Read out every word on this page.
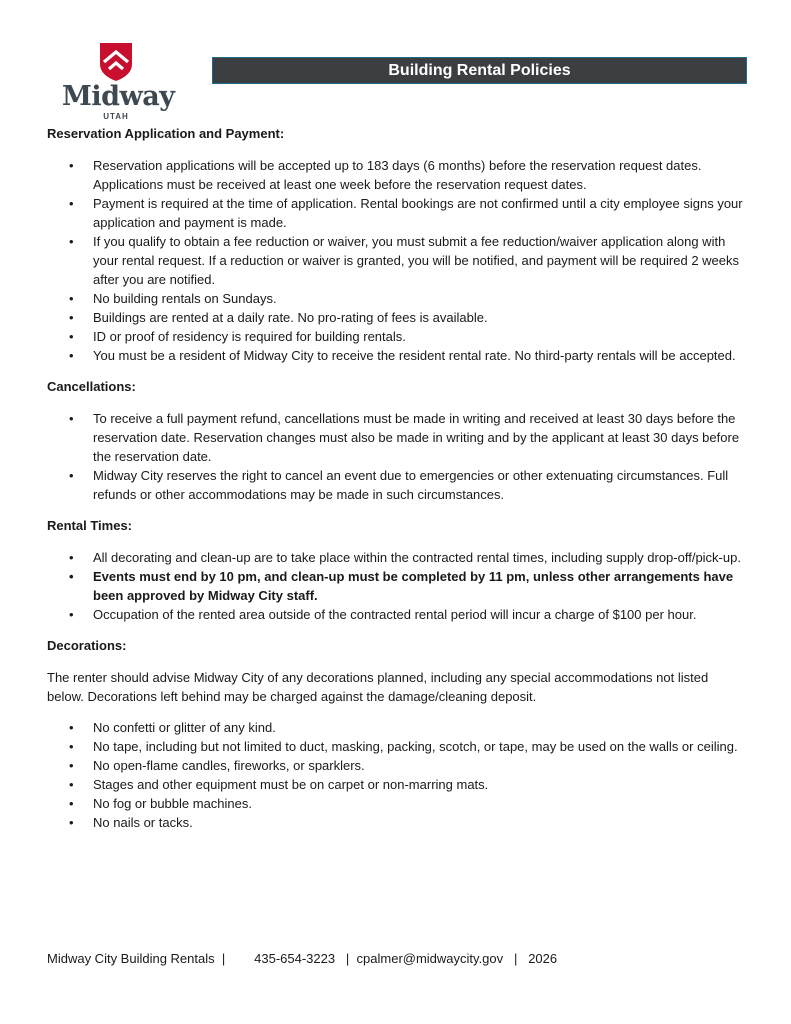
Midway
UTAH
Building Rental Policies
Reservation Application and Payment:
• Reservation applications will be accepted up to 183 days (6 months) before the reservation request dates. Applications must be received at least one week before the reservation request dates.
• Payment is required at the time of application. Rental bookings are not confirmed until a city employee signs your application and payment is made.
• If you qualify to obtain a fee reduction or waiver, you must submit a fee reduction/waiver application along with your rental request. If a reduction or waiver is granted, you will be notified, and payment will be required 2 weeks after you are notified.
• No building rentals on Sundays.
• Buildings are rented at a daily rate. No pro-rating of fees is available.
• ID or proof of residency is required for building rentals.
• You must be a resident of Midway City to receive the resident rental rate. No third-party rentals will be accepted.
Cancellations:
• To receive a full payment refund, cancellations must be made in writing and received at least 30 days before the reservation date. Reservation changes must also be made in writing and by the applicant at least 30 days before the reservation date.
• Midway City reserves the right to cancel an event due to emergencies or other extenuating circumstances. Full refunds or other accommodations may be made in such circumstances.
Rental Times:
• All decorating and clean-up are to take place within the contracted rental times, including supply drop-off/pick-up.
• Events must end by 10 pm, and clean-up must be completed by 11 pm, unless other arrangements have been approved by Midway City staff.
• Occupation of the rented area outside of the contracted rental period will incur a charge of $100 per hour.
Decorations:
The renter should advise Midway City of any decorations planned, including any special accommodations not listed below. Decorations left behind may be charged against the damage/cleaning deposit.
• No confetti or glitter of any kind.
• No tape, including but not limited to duct, masking, packing, scotch, or tape, may be used on the walls or ceiling.
• No open-flame candles, fireworks, or sparklers.
• Stages and other equipment must be on carpet or non-marring mats.
• No fog or bubble machines.
• No nails or tacks.
Midway City Building Rentals  |        435-654-3223   |  cpalmer@midwaycity.gov   |   2026
